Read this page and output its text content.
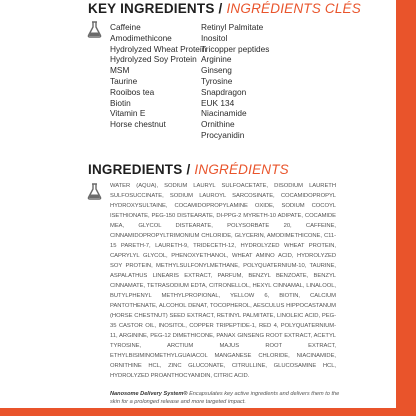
KEY INGREDIENTS / INGRÉDIENTS CLÉS
Caffeine
Amodimethicone
Hydrolyzed Wheat Protein
Hydrolyzed Soy Protein
MSM
Taurine
Rooibos tea
Biotin
Vitamin E
Horse chestnut
Retinyl Palmitate
Inositol
Tricopper peptides
Arginine
Ginseng
Tyrosine
Snapdragon
EUK 134
Niacinamide
Ornithine
Procyanidin
INGREDIENTS / INGRÉDIENTS
WATER (AQUA), SODIUM LAURYL SULFOACETATE, DISODIUM LAURETH SULFOSUCCINATE, SODIUM LAUROYL SARCOSINATE, COCAMIDOPROPYL HYDROXYSULTAINE, COCAMIDOPROPYLAMINE OXIDE, SODIUM COCOYL ISETHIONATE, PEG-150 DISTEARATE, DI-PPG-2 MYRETH-10 ADIPATE, COCAMIDE MEA, GLYCOL DISTEARATE, POLYSORBATE 20, CAFFEINE, CINNAMIDOPROPYLTRIMONIUM CHLORIDE, GLYCERIN, AMODIMETHICONE, C11-15 PARETH-7, LAURETH-9, TRIDECETH-12, HYDROLYZED WHEAT PROTEIN, CAPRYLYL GLYCOL, PHENOXYETHANOL, WHEAT AMINO ACID, HYDROLYZED SOY PROTEIN, METHYLSULFONYLMETHANE, POLYQUATERNIUM-10, TAURINE, ASPALATHUS LINEARIS EXTRACT, PARFUM, BENZYL BENZOATE, BENZYL CINNAMATE, TETRASODIUM EDTA, CITRONELLOL, HEXYL CINNAMAL, LINALOOL, BUTYLPHENYL METHYLPROPIONAL, YELLOW 6, BIOTIN, CALCIUM PANTOTHENATE, ALCOHOL DENAT, TOCOPHEROL, AESCULUS HIPPOCASTANUM (HORSE CHESTNUT) SEED EXTRACT, RETINYL PALMITATE, LINOLEIC ACID, PEG-35 CASTOR OIL, INOSITOL, COPPER TRIPEPTIDE-1, RED 4, POLYQUATERNIUM-11, ARGININE, PEG-12 DIMETHICONE, PANAX GINSENG ROOT EXTRACT, ACETYL TYROSINE, ARCTIUM MAJUS ROOT EXTRACT, ETHYLBISIMINOMETHYLGUAIACOL MANGANESE CHLORIDE, NIACINAMIDE, ORNITHINE HCL, ZINC GLUCONATE, CITRULLINE, GLUCOSAMINE HCL, HYDROLYZED PROANTHOCYANIDIN, CITRIC ACID.
Nanosome Delivery System® Encapsulates key active ingredients and delivers them to the skin for a prolonged release and more targeted impact.
